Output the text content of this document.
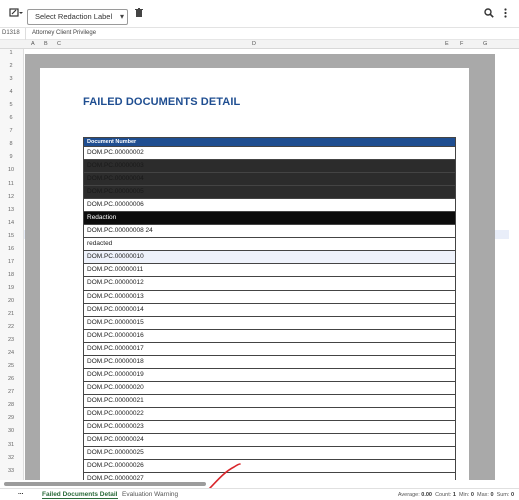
Select Redaction Label ▾
D1318 Attorney Client Privilege
A B C	D	E F	G
1
2
3
4
5
6
7
8
9
10
11
12
13
14
15
16
17
18
19
20
21
22
23
24
25
26
27
28
29
30
31
32
33
FAILED DOCUMENTS DETAIL
Document Number
DOM.PC.00000002
DOM.PC.00000003
DOM.PC.00000004
DOM.PC.00000005
DOM.PC.00000006
Redaction
DOM.PC.00000008 24
redacted
DOM.PC.00000010
DOM.PC.00000011
DOM.PC.00000012
DOM.PC.00000013
DOM.PC.00000014
DOM.PC.00000015
DOM.PC.00000016
DOM.PC.00000017
DOM.PC.00000018
DOM.PC.00000019
DOM.PC.00000020
DOM.PC.00000021
DOM.PC.00000022
DOM.PC.00000023
DOM.PC.00000024
DOM.PC.00000025
DOM.PC.00000026
DOM.PC.00000027
...	Failed Documents Detail Evaluation Warning	Average: 0.00 Count: 1 Min: 0 Max: 0 Sum: 0
